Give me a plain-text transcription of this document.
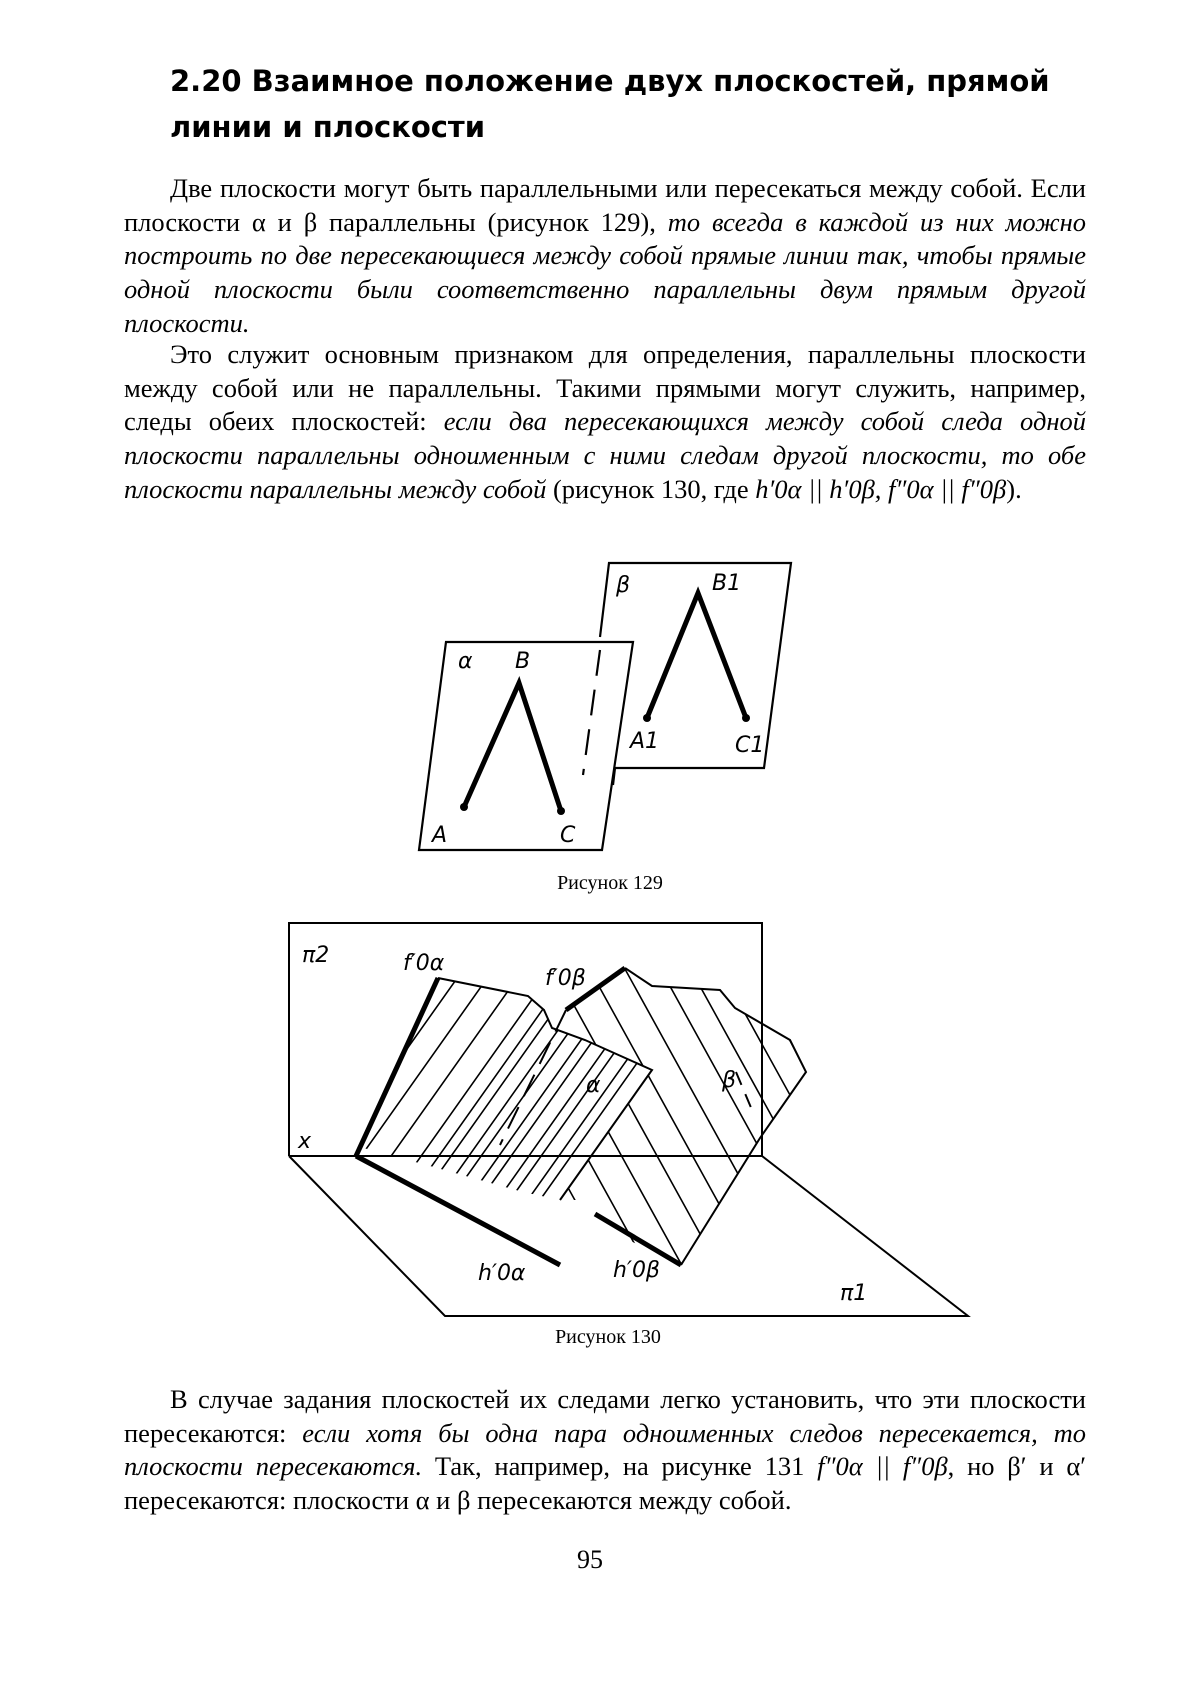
2.20 Взаимное положение двух плоскостей, прямой линии и плоскости

Две плоскости могут быть параллельными или пересекаться между собой. Если плоскости α и β параллельны (рисунок 129), то всегда в каждой из них можно построить по две пересекающиеся между собой прямые линии так, чтобы прямые одной плоскости были соответственно параллельны двум прямым другой плоскости.

Это служит основным признаком для определения, параллельны плоскости между собой или не параллельны. Такими прямыми могут служить, например, следы обеих плоскостей: если два пересекающихся между собой следа одной плоскости параллельны одноименным с ними следам другой плоскости, то обе плоскости параллельны между собой (рисунок 130, где h′0α || h′0β, f″0α || f″0β).

α B
A	C
β	B1
A1	C1
Рисунок 129
π2	f′0α
f′0β
α	β
x
h′0α	h′0β
π1
Рисунок 130

В случае задания плоскостей их следами легко установить, что эти плоскости пересекаются: если хотя бы одна пара одноименных следов пересекается, то плоскости пересекаются. Так, например, на рисунке 131 f″0α || f″0β, но β′ и α′ пересекаются: плоскости α и β пересекаются между собой.

95
